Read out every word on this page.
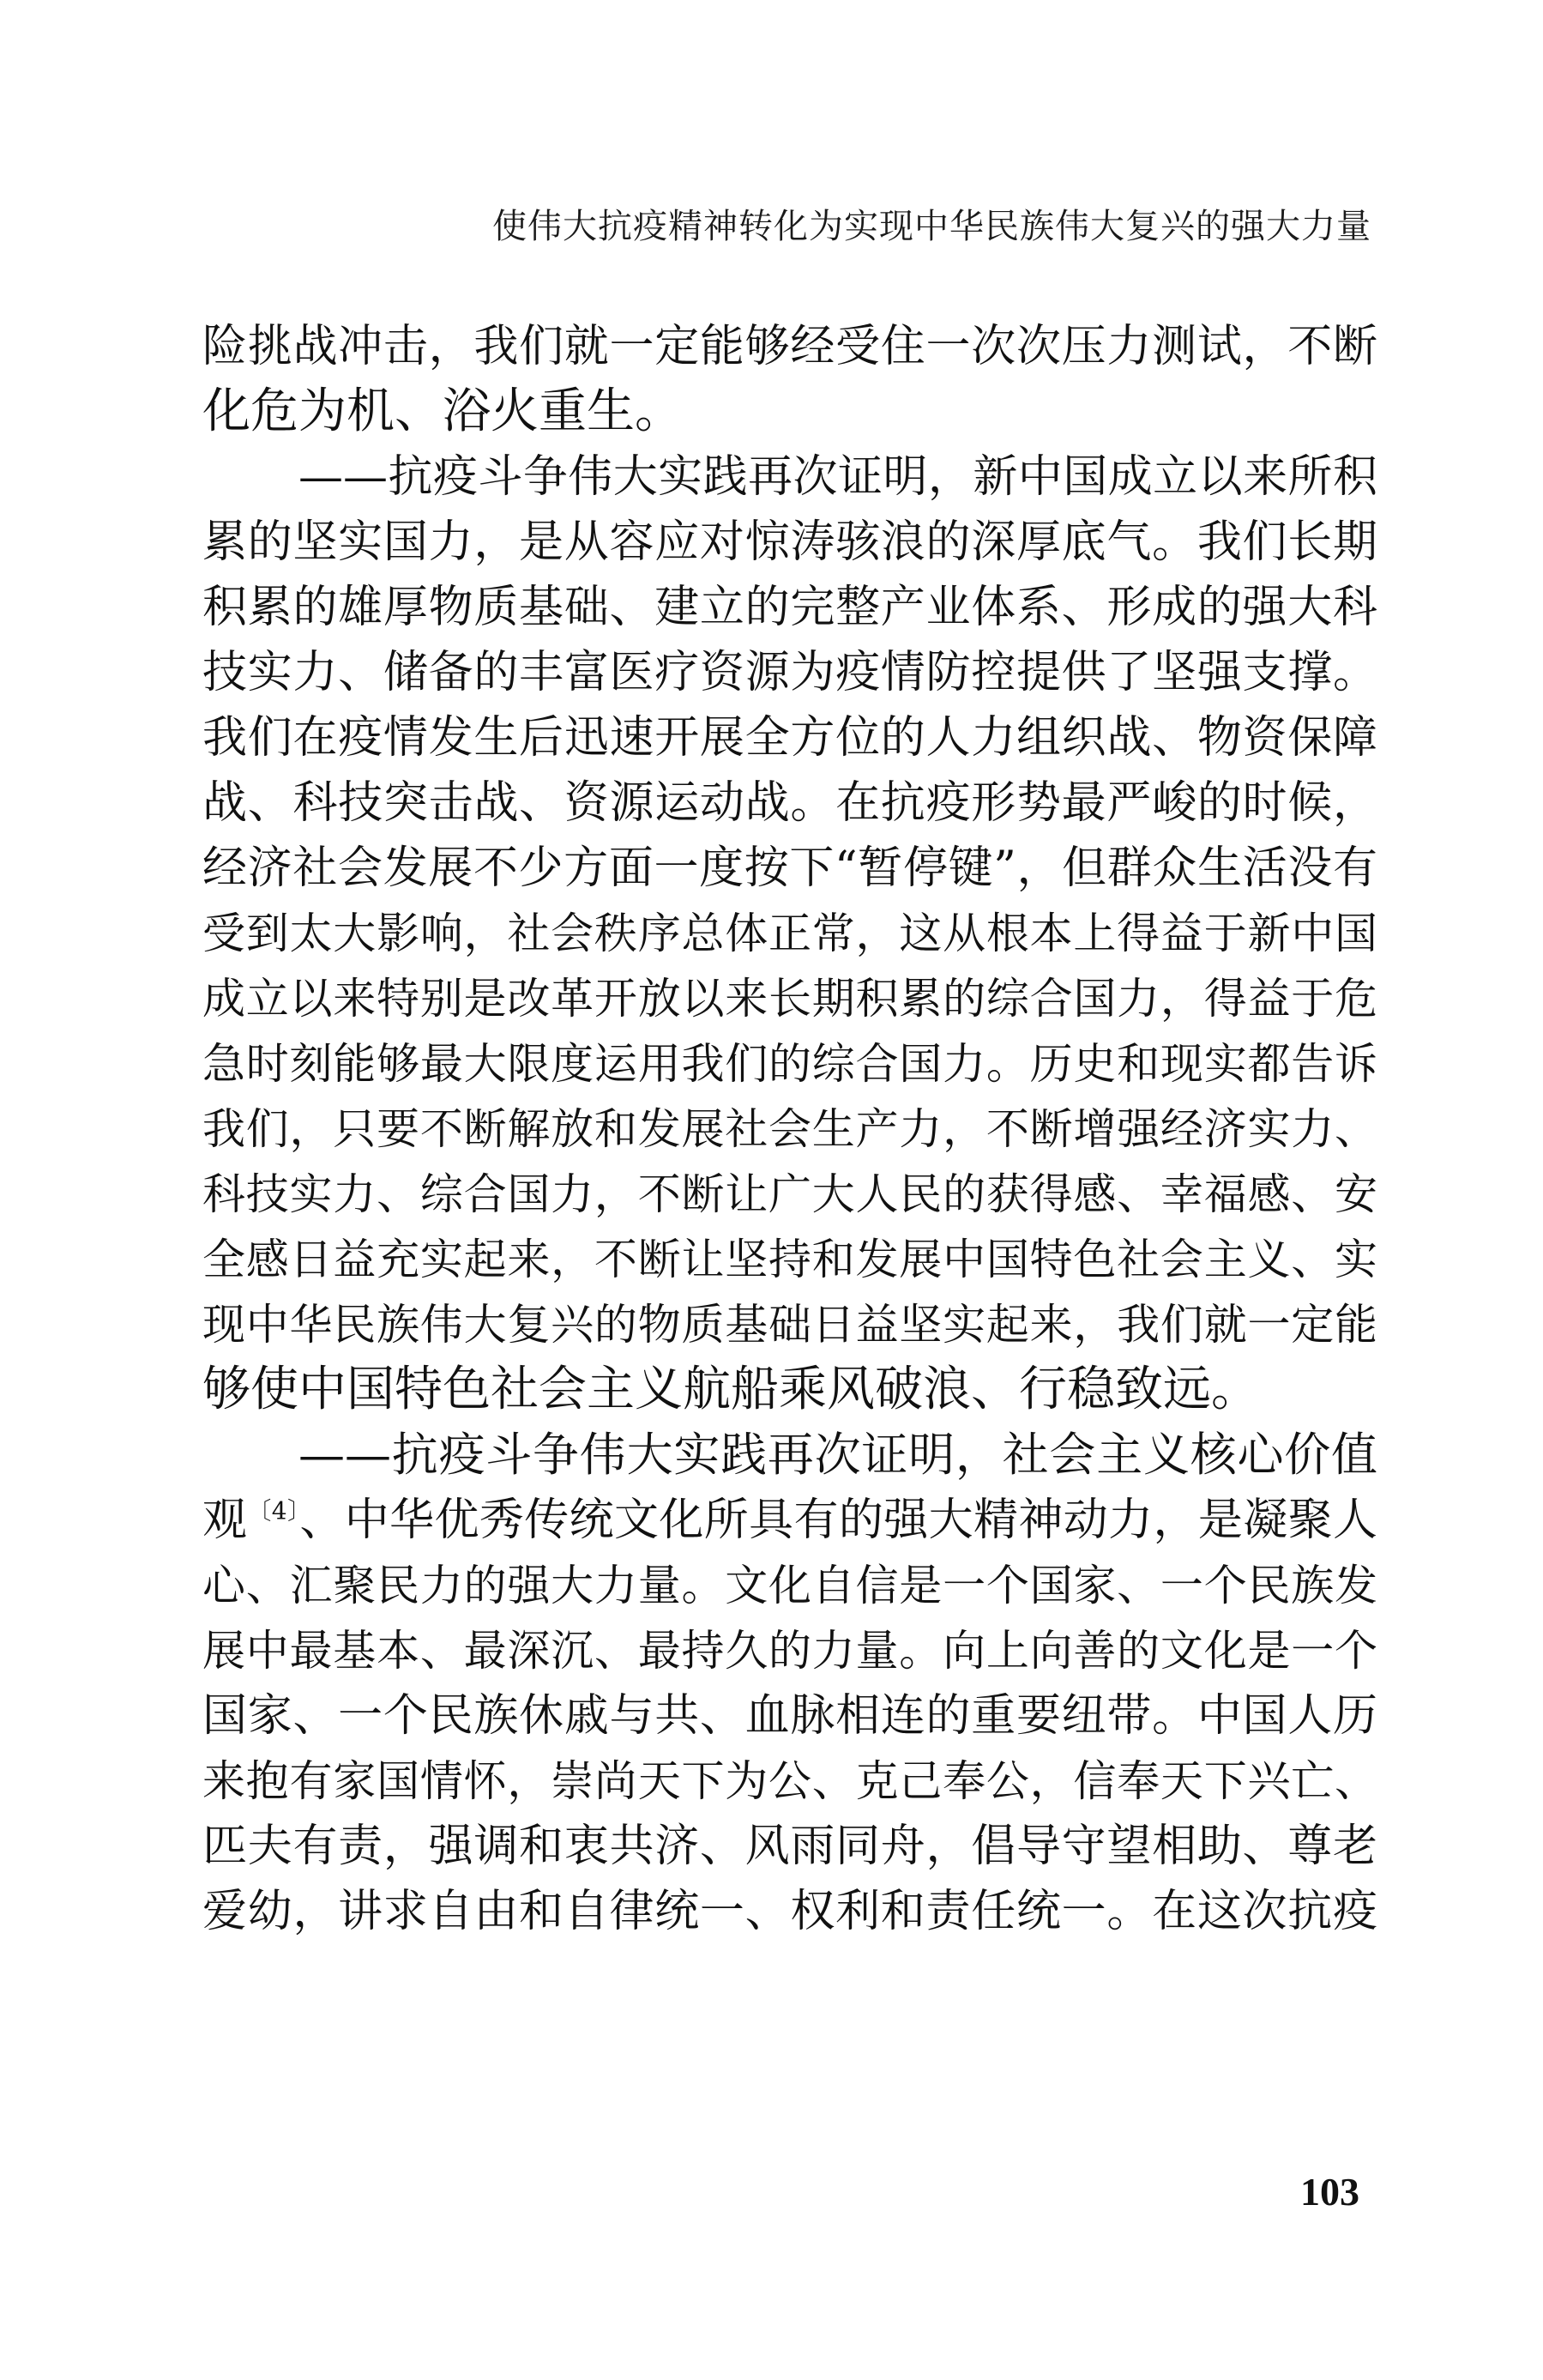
使伟大抗疫精神转化为实现中华民族伟大复兴的强大力量
险挑战冲击，我们就一定能够经受住一次次压力测试，不断
化危为机、浴火重生。
——抗疫斗争伟大实践再次证明，新中国成立以来所积
累的坚实国力，是从容应对惊涛骇浪的深厚底气。我们长期
积累的雄厚物质基础、建立的完整产业体系、形成的强大科
技实力、储备的丰富医疗资源为疫情防控提供了坚强支撑。
我们在疫情发生后迅速开展全方位的人力组织战、物资保障
战、科技突击战、资源运动战。在抗疫形势最严峻的时候，
经济社会发展不少方面一度按下“暂停键”，但群众生活没有
受到太大影响，社会秩序总体正常，这从根本上得益于新中国
成立以来特别是改革开放以来长期积累的综合国力，得益于危
急时刻能够最大限度运用我们的综合国力。历史和现实都告诉
我们，只要不断解放和发展社会生产力，不断增强经济实力、
科技实力、综合国力，不断让广大人民的获得感、幸福感、安
全感日益充实起来，不断让坚持和发展中国特色社会主义、实
现中华民族伟大复兴的物质基础日益坚实起来，我们就一定能
够使中国特色社会主义航船乘风破浪、行稳致远。
——抗疫斗争伟大实践再次证明，社会主义核心价值
观$^{〔4〕}$、中华优秀传统文化所具有的强大精神动力，是凝聚人
心、汇聚民力的强大力量。文化自信是一个国家、一个民族发
展中最基本、最深沉、最持久的力量。向上向善的文化是一个
国家、一个民族休戚与共、血脉相连的重要纽带。中国人历
来抱有家国情怀，崇尚天下为公、克己奉公，信奉天下兴亡、
匹夫有责，强调和衷共济、风雨同舟，倡导守望相助、尊老
爱幼，讲求自由和自律统一、权利和责任统一。在这次抗疫
103
